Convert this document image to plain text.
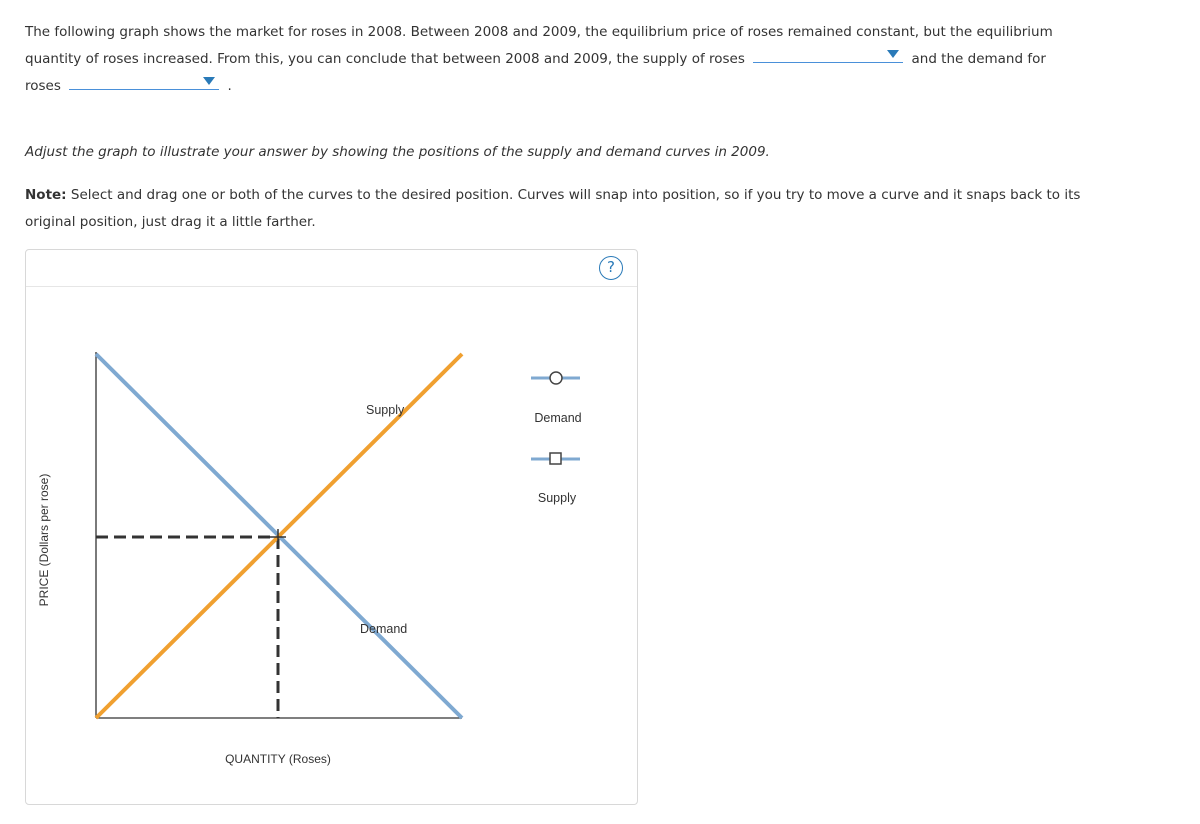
The following graph shows the market for roses in 2008. Between 2008 and 2009, the equilibrium price of roses remained constant, but the equilibrium quantity of roses increased. From this, you can conclude that between 2008 and 2009, the supply of roses	and the demand for roses	.
Adjust the graph to illustrate your answer by showing the positions of the supply and demand curves in 2009.
Note: Select and drag one or both of the curves to the desired position. Curves will snap into position, so if you try to move a curve and it snaps back to its original position, just drag it a little farther.
?
PRICE (Dollars per rose)
QUANTITY (Roses)
Supply
Demand
Demand
Supply
